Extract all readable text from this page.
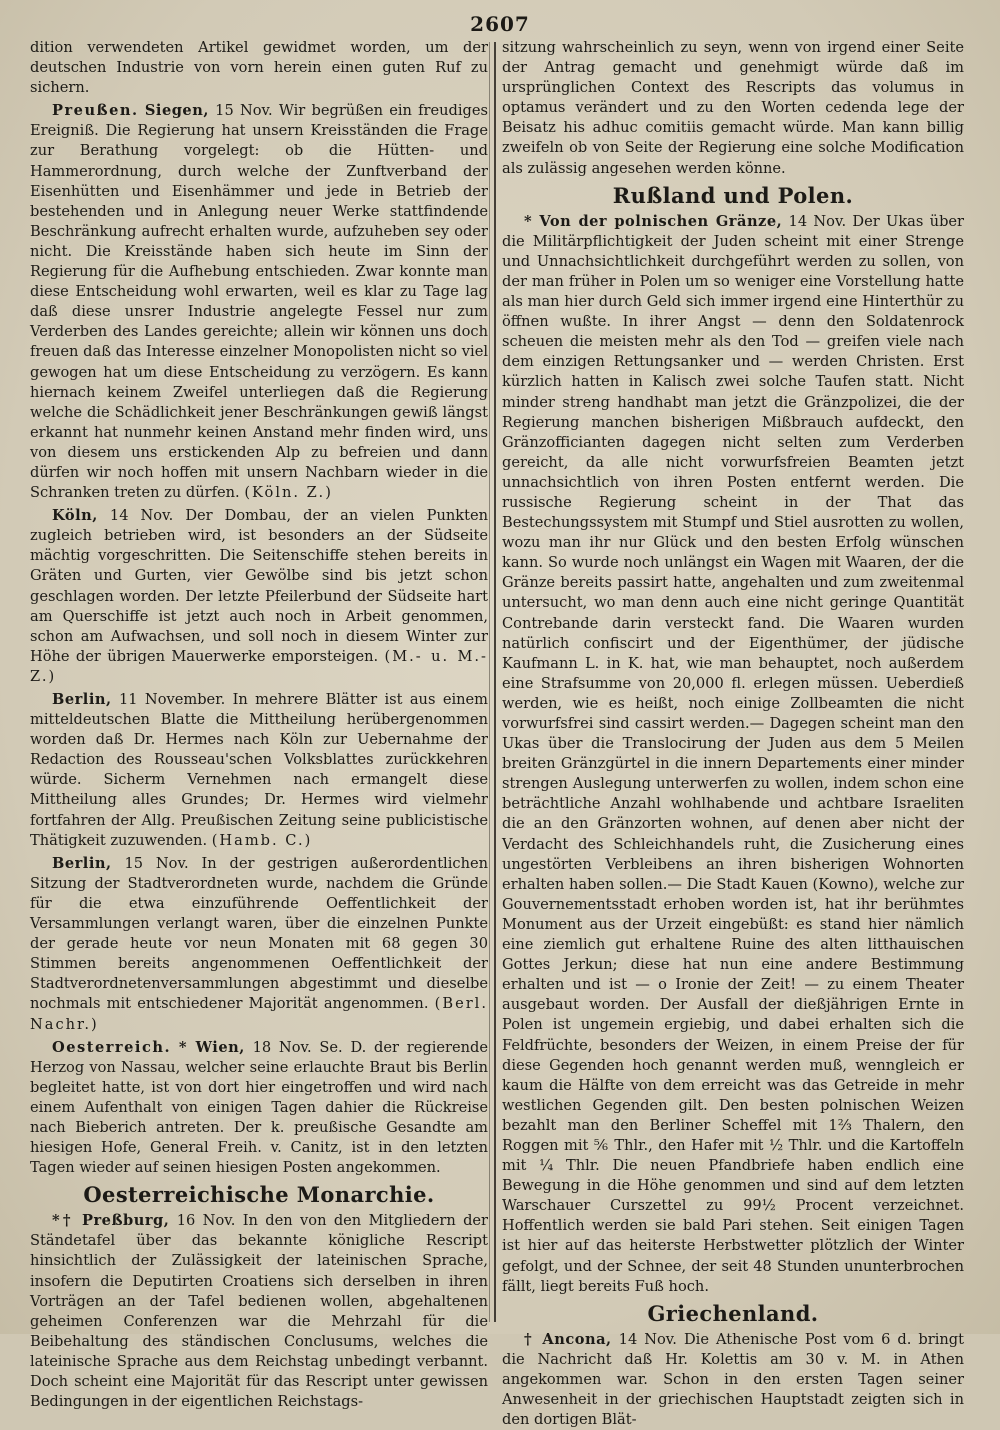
2607

dition verwendeten Artikel gewidmet worden, um der deutschen Industrie von vorn herein einen guten Ruf zu sichern.

Preußen. Siegen, 15 Nov. Wir begrüßen ein freudiges Ereigniß. Die Regierung hat unsern Kreisständen die Frage zur Berathung vorgelegt: ob die Hütten- und Hammerordnung, durch welche der Zunftverband der Eisenhütten und Eisenhämmer und jede in Betrieb der bestehenden und in Anlegung neuer Werke stattfindende Beschränkung aufrecht erhalten wurde, aufzuheben sey oder nicht. Die Kreisstände haben sich heute im Sinn der Regierung für die Aufhebung entschieden. Zwar konnte man diese Entscheidung wohl erwarten, weil es klar zu Tage lag daß diese unsrer Industrie angelegte Fessel nur zum Verderben des Landes gereichte; allein wir können uns doch freuen daß das Interesse einzelner Monopolisten nicht so viel gewogen hat um diese Entscheidung zu verzögern. Es kann hiernach keinem Zweifel unterliegen daß die Regierung welche die Schädlichkeit jener Beschränkungen gewiß längst erkannt hat nunmehr keinen Anstand mehr finden wird, uns von diesem uns erstickenden Alp zu befreien und dann dürfen wir noch hoffen mit unsern Nachbarn wieder in die Schranken treten zu dürfen. (Köln. Z.)

Köln, 14 Nov. Der Dombau, der an vielen Punkten zugleich betrieben wird, ist besonders an der Südseite mächtig vorgeschritten. Die Seitenschiffe stehen bereits in Gräten und Gurten, vier Gewölbe sind bis jetzt schon geschlagen worden. Der letzte Pfeilerbund der Südseite hart am Querschiffe ist jetzt auch noch in Arbeit genommen, schon am Aufwachsen, und soll noch in diesem Winter zur Höhe der übrigen Mauerwerke emporsteigen. (M.- u. M.-Z.)

Berlin, 11 November. In mehrere Blätter ist aus einem mitteldeutschen Blatte die Mittheilung herübergenommen worden daß Dr. Hermes nach Köln zur Uebernahme der Redaction des Rousseau'schen Volksblattes zurückkehren würde. Sicherm Vernehmen nach ermangelt diese Mittheilung alles Grundes; Dr. Hermes wird vielmehr fortfahren der Allg. Preußischen Zeitung seine publicistische Thätigkeit zuzuwenden. (Hamb. C.)

Berlin, 15 Nov. In der gestrigen außerordentlichen Sitzung der Stadtverordneten wurde, nachdem die Gründe für die etwa einzuführende Oeffentlichkeit der Versammlungen verlangt waren, über die einzelnen Punkte der gerade heute vor neun Monaten mit 68 gegen 30 Stimmen bereits angenommenen Oeffentlichkeit der Stadtverordnetenversammlungen abgestimmt und dieselbe nochmals mit entschiedener Majorität angenommen. (Berl. Nachr.)

Oesterreich. * Wien, 18 Nov. Se. D. der regierende Herzog von Nassau, welcher seine erlauchte Braut bis Berlin begleitet hatte, ist von dort hier eingetroffen und wird nach einem Aufenthalt von einigen Tagen dahier die Rückreise nach Bieberich antreten. Der k. preußische Gesandte am hiesigen Hofe, General Freih. v. Canitz, ist in den letzten Tagen wieder auf seinen hiesigen Posten angekommen.

Oesterreichische Monarchie.

*† Preßburg, 16 Nov. In den von den Mitgliedern der Ständetafel über das bekannte königliche Rescript hinsichtlich der Zulässigkeit der lateinischen Sprache, insofern die Deputirten Croatiens sich derselben in ihren Vorträgen an der Tafel bedienen wollen, abgehaltenen geheimen Conferenzen war die Mehrzahl für die Beibehaltung des ständischen Conclusums, welches die lateinische Sprache aus dem Reichstag unbedingt verbannt. Doch scheint eine Majorität für das Rescript unter gewissen Bedingungen in der eigentlichen Reichstags-

sitzung wahrscheinlich zu seyn, wenn von irgend einer Seite der Antrag gemacht und genehmigt würde daß im ursprünglichen Context des Rescripts das volumus in optamus verändert und zu den Worten cedenda lege der Beisatz his adhuc comitiis gemacht würde. Man kann billig zweifeln ob von Seite der Regierung eine solche Modification als zulässig angesehen werden könne.

Rußland und Polen.

* Von der polnischen Gränze, 14 Nov. Der Ukas über die Militärpflichtigkeit der Juden scheint mit einer Strenge und Unnachsichtlichkeit durchgeführt werden zu sollen, von der man früher in Polen um so weniger eine Vorstellung hatte als man hier durch Geld sich immer irgend eine Hinterthür zu öffnen wußte. In ihrer Angst — denn den Soldatenrock scheuen die meisten mehr als den Tod — greifen viele nach dem einzigen Rettungsanker und — werden Christen. Erst kürzlich hatten in Kalisch zwei solche Taufen statt. Nicht minder streng handhabt man jetzt die Gränzpolizei, die der Regierung manchen bisherigen Mißbrauch aufdeckt, den Gränzofficianten dagegen nicht selten zum Verderben gereicht, da alle nicht vorwurfsfreien Beamten jetzt unnachsichtlich von ihren Posten entfernt werden. Die russische Regierung scheint in der That das Bestechungssystem mit Stumpf und Stiel ausrotten zu wollen, wozu man ihr nur Glück und den besten Erfolg wünschen kann. So wurde noch unlängst ein Wagen mit Waaren, der die Gränze bereits passirt hatte, angehalten und zum zweitenmal untersucht, wo man denn auch eine nicht geringe Quantität Contrebande darin versteckt fand. Die Waaren wurden natürlich confiscirt und der Eigenthümer, der jüdische Kaufmann L. in K. hat, wie man behauptet, noch außerdem eine Strafsumme von 20,000 fl. erlegen müssen. Ueberdieß werden, wie es heißt, noch einige Zollbeamten die nicht vorwurfsfrei sind cassirt werden.— Dagegen scheint man den Ukas über die Translocirung der Juden aus dem 5 Meilen breiten Gränzgürtel in die innern Departements einer minder strengen Auslegung unterwerfen zu wollen, indem schon eine beträchtliche Anzahl wohlhabende und achtbare Israeliten die an den Gränzorten wohnen, auf denen aber nicht der Verdacht des Schleichhandels ruht, die Zusicherung eines ungestörten Verbleibens an ihren bisherigen Wohnorten erhalten haben sollen.— Die Stadt Kauen (Kowno), welche zur Gouvernementsstadt erhoben worden ist, hat ihr berühmtes Monument aus der Urzeit eingebüßt: es stand hier nämlich eine ziemlich gut erhaltene Ruine des alten litthauischen Gottes Jerkun; diese hat nun eine andere Bestimmung erhalten und ist — o Ironie der Zeit! — zu einem Theater ausgebaut worden. Der Ausfall der dießjährigen Ernte in Polen ist ungemein ergiebig, und dabei erhalten sich die Feldfrüchte, besonders der Weizen, in einem Preise der für diese Gegenden hoch genannt werden muß, wenngleich er kaum die Hälfte von dem erreicht was das Getreide in mehr westlichen Gegenden gilt. Den besten polnischen Weizen bezahlt man den Berliner Scheffel mit 1⅔ Thalern, den Roggen mit ⅚ Thlr., den Hafer mit ½ Thlr. und die Kartoffeln mit ¼ Thlr. Die neuen Pfandbriefe haben endlich eine Bewegung in die Höhe genommen und sind auf dem letzten Warschauer Curszettel zu 99½ Procent verzeichnet. Hoffentlich werden sie bald Pari stehen. Seit einigen Tagen ist hier auf das heiterste Herbstwetter plötzlich der Winter gefolgt, und der Schnee, der seit 48 Stunden ununterbrochen fällt, liegt bereits Fuß hoch.

Griechenland.

† Ancona, 14 Nov. Die Athenische Post vom 6 d. bringt die Nachricht daß Hr. Kolettis am 30 v. M. in Athen angekommen war. Schon in den ersten Tagen seiner Anwesenheit in der griechischen Hauptstadt zeigten sich in den dortigen Blät-
